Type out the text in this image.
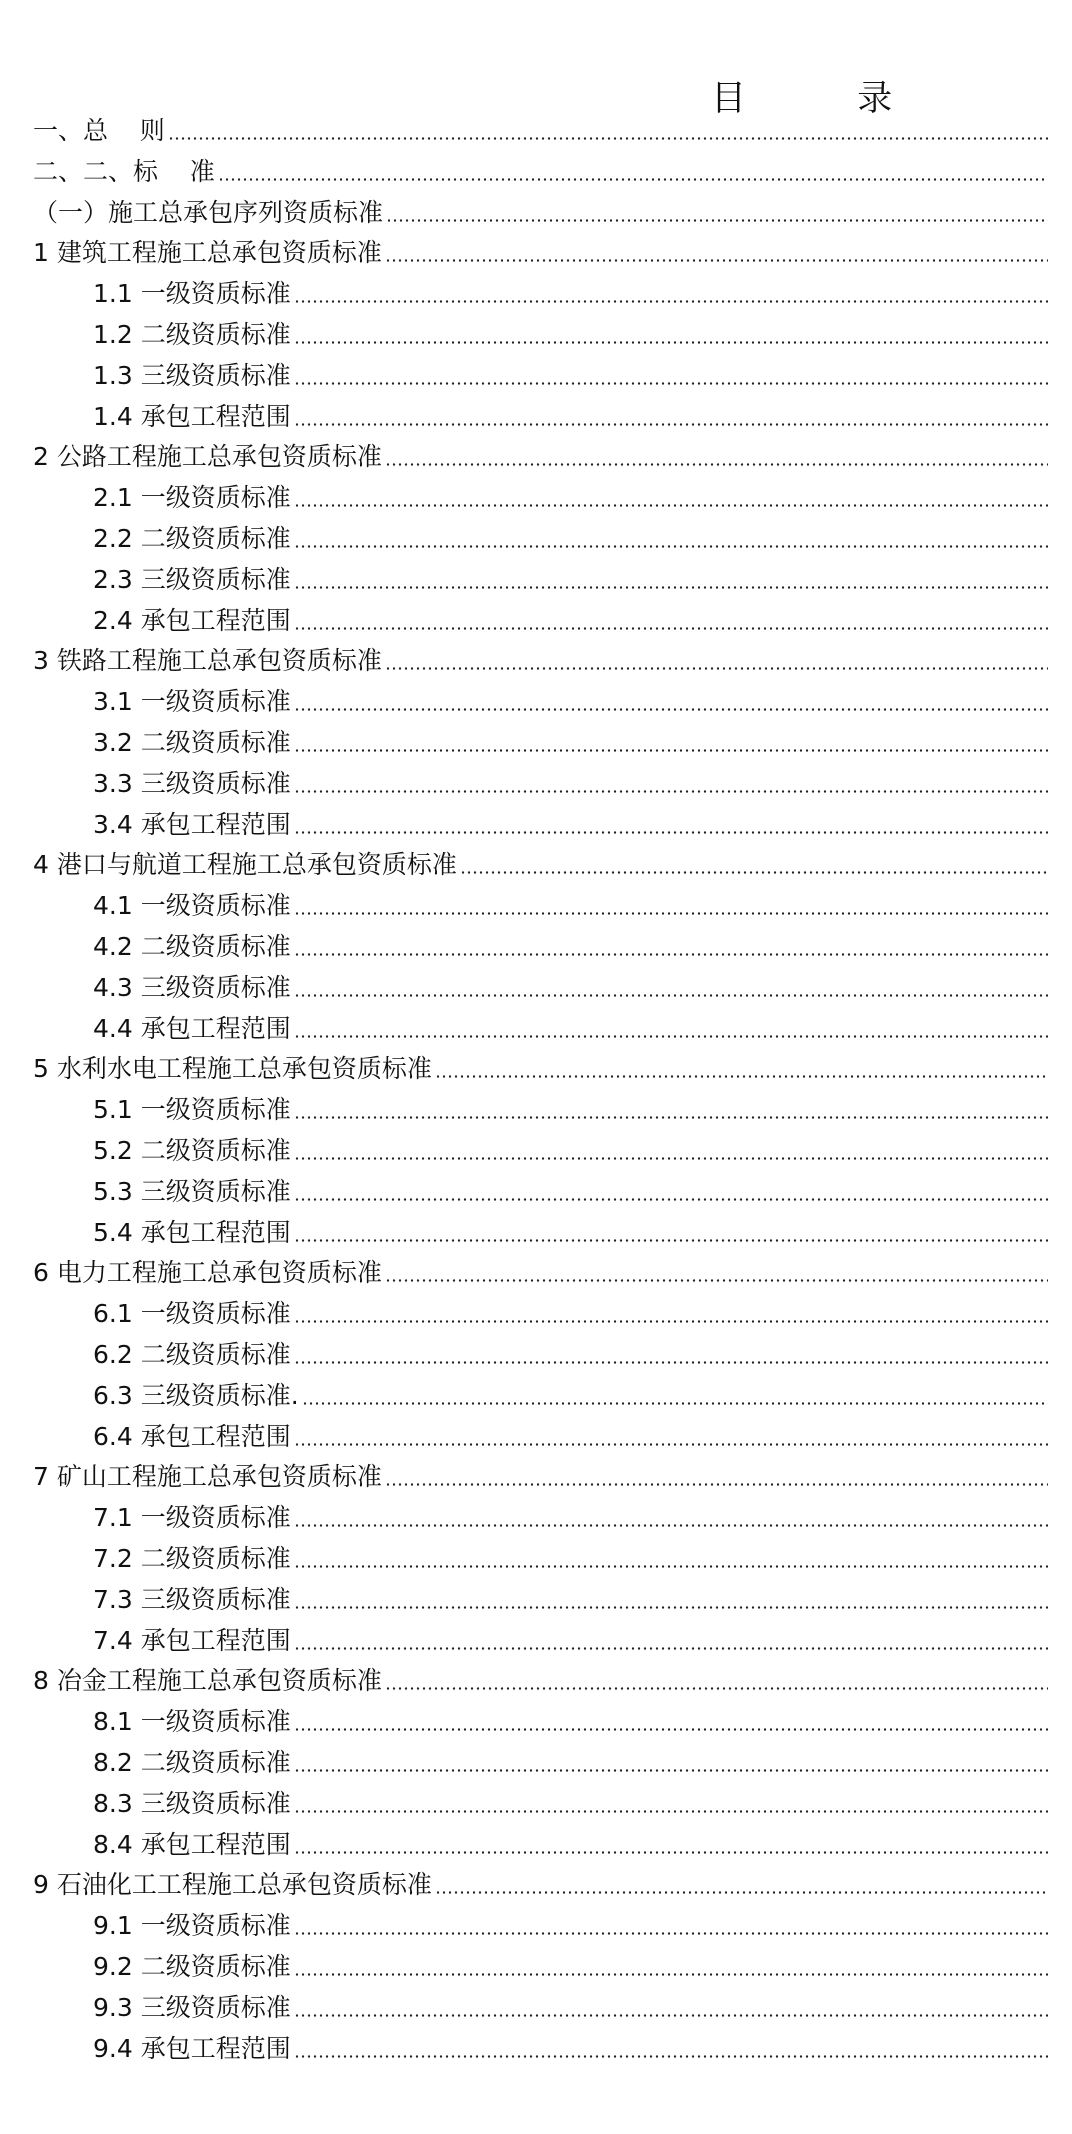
目          录
一、总    则
二、二、标    准
（一）施工总承包序列资质标准
1 建筑工程施工总承包资质标准
1.1 一级资质标准
1.2 二级资质标准
1.3 三级资质标准
1.4 承包工程范围
2 公路工程施工总承包资质标准
2.1 一级资质标准
2.2 二级资质标准
2.3 三级资质标准
2.4 承包工程范围
3 铁路工程施工总承包资质标准
3.1 一级资质标准
3.2 二级资质标准
3.3 三级资质标准
3.4 承包工程范围
4 港口与航道工程施工总承包资质标准
4.1 一级资质标准
4.2 二级资质标准
4.3 三级资质标准
4.4 承包工程范围
5 水利水电工程施工总承包资质标准
5.1 一级资质标准
5.2 二级资质标准
5.3 三级资质标准
5.4 承包工程范围
6 电力工程施工总承包资质标准
6.1 一级资质标准
6.2 二级资质标准
6.3 三级资质标准.
6.4 承包工程范围
7 矿山工程施工总承包资质标准
7.1 一级资质标准
7.2 二级资质标准
7.3 三级资质标准
7.4 承包工程范围
8 冶金工程施工总承包资质标准
8.1 一级资质标准
8.2 二级资质标准
8.3 三级资质标准
8.4 承包工程范围
9 石油化工工程施工总承包资质标准
9.1 一级资质标准
9.2 二级资质标准
9.3 三级资质标准
9.4 承包工程范围
